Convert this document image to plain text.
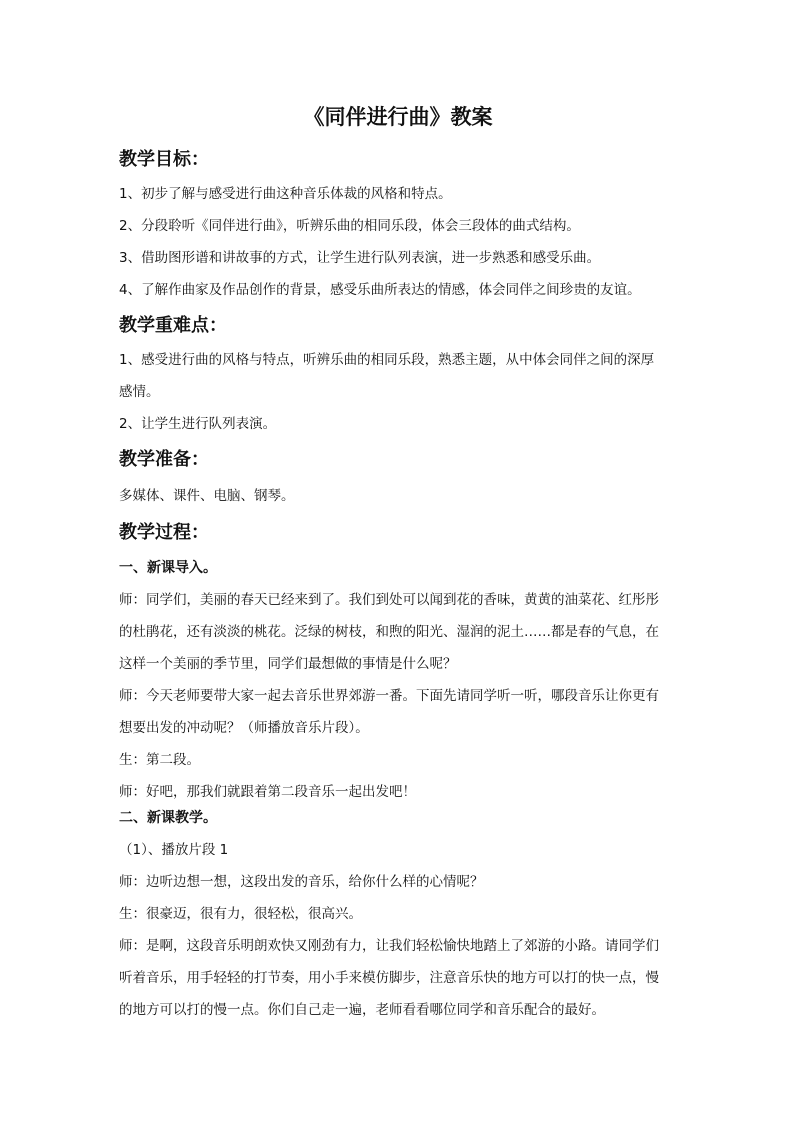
《同伴进行曲》教案
教学目标：
1、初步了解与感受进行曲这种音乐体裁的风格和特点。
2、分段聆听《同伴进行曲》，听辨乐曲的相同乐段，体会三段体的曲式结构。
3、借助图形谱和讲故事的方式，让学生进行队列表演，进一步熟悉和感受乐曲。
4、了解作曲家及作品创作的背景，感受乐曲所表达的情感，体会同伴之间珍贵的友谊。
教学重难点：
1、感受进行曲的风格与特点，听辨乐曲的相同乐段，熟悉主题，从中体会同伴之间的深厚
感情。
2、让学生进行队列表演。
教学准备：
多媒体、课件、电脑、钢琴。
教学过程：
一、新课导入。
师：同学们，美丽的春天已经来到了。我们到处可以闻到花的香味，黄黄的油菜花、红彤彤
的杜鹃花，还有淡淡的桃花。泛绿的树枝，和煦的阳光、湿润的泥土……都是春的气息，在
这样一个美丽的季节里，同学们最想做的事情是什么呢？
师：今天老师要带大家一起去音乐世界郊游一番。下面先请同学听一听，哪段音乐让你更有
想要出发的冲动呢？（师播放音乐片段）。
生：第二段。
师：好吧，那我们就跟着第二段音乐一起出发吧！
二、新课教学。
（1）、播放片段 1
师：边听边想一想，这段出发的音乐，给你什么样的心情呢？
生：很豪迈，很有力，很轻松，很高兴。
师：是啊，这段音乐明朗欢快又刚劲有力，让我们轻松愉快地踏上了郊游的小路。请同学们
听着音乐，用手轻轻的打节奏，用小手来模仿脚步，注意音乐快的地方可以打的快一点，慢
的地方可以打的慢一点。你们自己走一遍，老师看看哪位同学和音乐配合的最好。
